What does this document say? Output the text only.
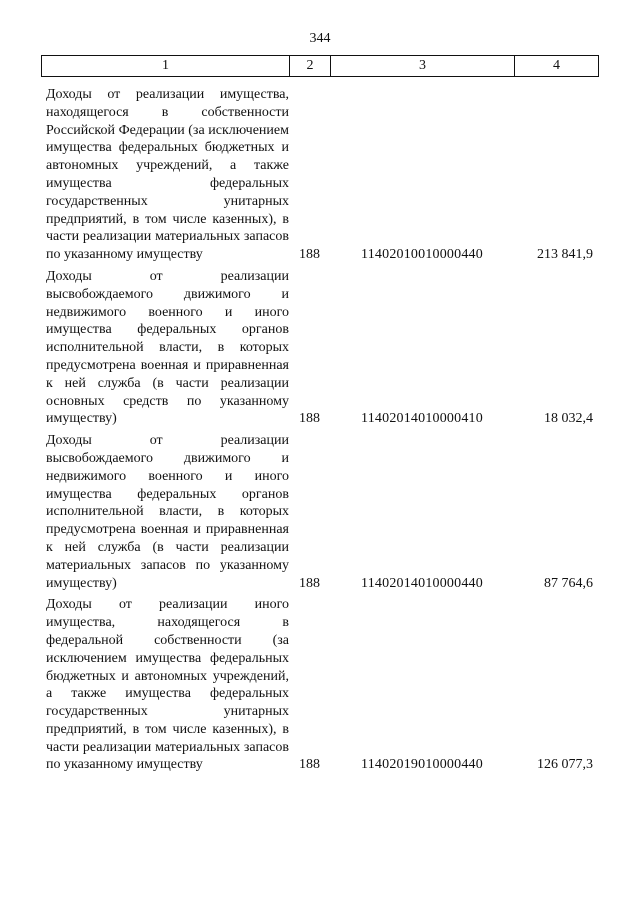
344
1	2	3	4
Доходы от реализации имущества, находящегося в собственности Российской Федерации (за исключением имущества федеральных бюджетных и автономных учреждений, а также имущества федеральных государственных унитарных предприятий, в том числе казенных), в части реализации материальных запасов по указанному имуществу	188	11402010010000440	213 841,9
Доходы от реализации высвобождаемого движимого и недвижимого военного и иного имущества федеральных органов исполнительной власти, в которых предусмотрена военная и приравненная к ней служба (в части реализации основных средств по указанному имуществу)	188	11402014010000410	18 032,4
Доходы от реализации высвобождаемого движимого и недвижимого военного и иного имущества федеральных органов исполнительной власти, в которых предусмотрена военная и приравненная к ней служба (в части реализации материальных запасов по указанному имуществу)	188	11402014010000440	87 764,6
Доходы от реализации иного имущества, находящегося в федеральной собственности (за исключением имущества федеральных бюджетных и автономных учреждений, а также имущества федеральных государственных унитарных предприятий, в том числе казенных), в части реализации материальных запасов по указанному имуществу	188	11402019010000440	126 077,3
